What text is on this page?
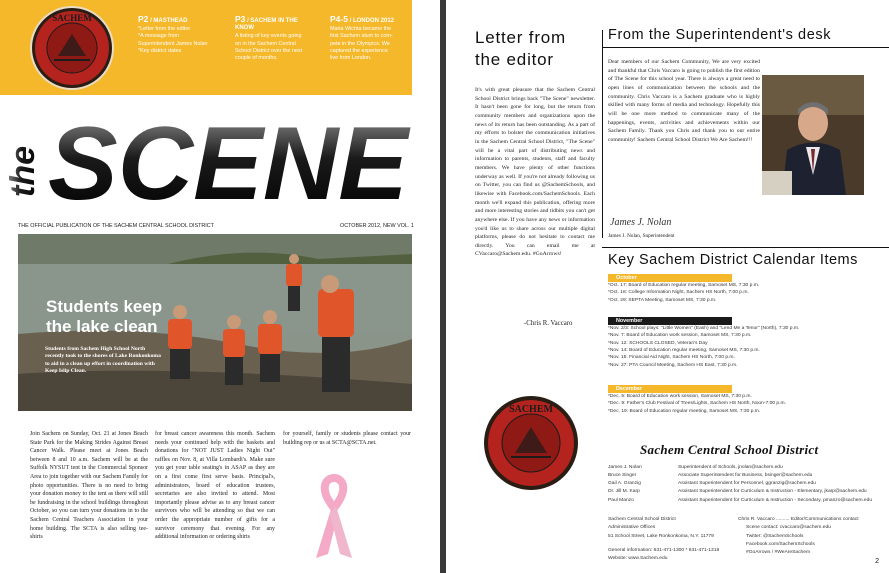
SACHEM	P2 / MASTHEAD
*Letter from the editor
*A message from
Superintendent James Nolan
*Key district dates
P3 / SACHEM IN THE KNOW
A listing of key events going
on in the Sachem Central
School District over the next
couple of months.
P4-5 / LONDON 2012
Maria Wichta became the
first Sachem alum to com-
pete in the Olympics. We
captured the experience
live from London.
the SCENE
THE OFFICIAL PUBLICATION OF THE SACHEM CENTRAL SCHOOL DISTRICT	OCTOBER 2012, NEW VOL. 1
Students keep
the lake clean
Students from Sachem High School North recently took to the shores of Lake Ronkonkoma to aid in a clean up effort in coordination with Keep Islip Clean.
Join Sachem on Sunday, Oct. 21 at Jones Beach State Park for the Making Strides Against Breast Cancer Walk. Please meet at Jones Beach between 8 and 10 a.m. Sachem will be at the Suffolk NYSUT tent in the Commercial Sponsor Area to join together with our Sachem Family for photo opportunities. There is no need to bring your donation money to the tent as there will still be fundraising in the school buildings throughout October, so you can turn your donations in to the Sachem Central Teachers Association in your home building. The SCTA is also selling tee-shirts
for breast cancer awareness this month. Sachem needs your continued help with the baskets and donations for "NOT JUST Ladies Night Out" raffles on Nov. 8, at Villa Lombardi's. Make sure you get your table seating's in ASAP as they are on a first come first serve basis. Principal's, administrators, board of education trustees, secretaries are also invited to attend. Most importantly please advise as to any breast cancer survivors who will be attending so that we can order the appropriate number of gifts for a survivor ceremony that evening. For any additional information or ordering shirts
for yourself, family or students please contact your building rep or us at SCTA@SCTA.net.
Letter from
the editor
It's with great pleasure that the Sachem Central School District brings back "The Scene" newsletter. It hasn't been gone for long, but the return from community members and organizations upon the news of its return has been outstanding. As a part of my efforts to bolster the communication initiatives in the Sachem Central School District, "The Scene" will be a vital part of distributing news and information to parents, students, staff and faculty members. We have plenty of other functions underway as well. If you're not already following us on Twitter, you can find us @SachemSchools, and likewise with Facebook.com/SachemSchools. Each month we'll expand this publication, offering more and more interesting stories and tidbits you can't get anywhere else. If you have any news or information you'd like us to share across our multiple digital platforms, please do not hesitate to contact me directly. You can email me at CVaccaro@Sachem.edu. #GoArrows!
-Chris R. Vaccaro
From the Superintendent's desk
Dear members of our Sachem Community, We are very excited and thankful that Chris Vaccaro is going to publish the first edition of The Scene for this school year. There is always a great need to open lines of communication between the schools and the community. Chris Vaccaro is a Sachem graduate who is highly skilled with many forms of media and technology. Hopefully this will be one more method to communicate many of the happenings, events, activities and achievements within our Sachem Family. Thank you Chris and thank you to our entire community! Sachem Central School District We Are Sachem!!!
James J. Nolan
James J. Nolan, Superintendent
Key Sachem District Calendar Items
October
*Oct. 17: Board of Education regular meeting, Samoset MS, 7:30 p.m.
*Oct. 18: College Information Night, Sachem HS North, 7:00 p.m.
*Oct. 29: SEPTA Meeting, Samoset MS, 7:30 p.m.
November
*Nov. 2/3: School plays: "Little Women" (Eash) and "Lend Me a Tenor" (North), 7:30 p.m.
*Nov. 7: Board of Education work session, Samoset MS, 7:30 p.m.
*Nov. 12: SCHOOLS CLOSED, Veteran's Day
*Nov. 14: Board of Education regular meeting, Samoset MS, 7:30 p.m.
*Nov. 15: Financial Aid Night, Sachem HS North, 7:00 p.m.
*Nov. 27: PTA Council Meeting, Sachem HS East, 7:30 p.m.
December
*Dec. 5: Board of Education work session, Samoset MS, 7:30 p.m.
*Dec. 9: Father's Club Festival of Trees/Lights, Sachem HS North, Noon-7:00 p.m.
*Dec. 19: Board of Education regular meeting, Samoset MS, 7:30 p.m.
SACHEM
Sachem Central School District
James J. Nolan	Superintendent of Schools, jnolan@sachem.edu
Bruce Singer	Associate Superintendent for Business, bsinger@sachem.edu
Gail A. Granzig	Assistant Superintendent for Personnel, ggranzig@sachem.edu
Dr. Jill M. Karp	Assistant Superintendent for Curriculum & Instruction - Elementary, jkarp@sachem.edu
Paul Manzo	Assistant Superintendent for Curriculum & Instruction - Secondary, pmanzo@sachem.edu
Sachem Central School District
Administrative Offices
51 School Street, Lake Ronkonkoma, N.Y. 11779
General information: 631-471-1300 * 631-471-1318
Website: www.Sachem.edu
Chris R. Vaccaro .......... Editor/Communications contact
Scene contact: cvaccaro@sachem.edu
Twitter: @SachemSchools
Facebook.com/SachemSchools
#GoArrows / #WeAreSachem
2
